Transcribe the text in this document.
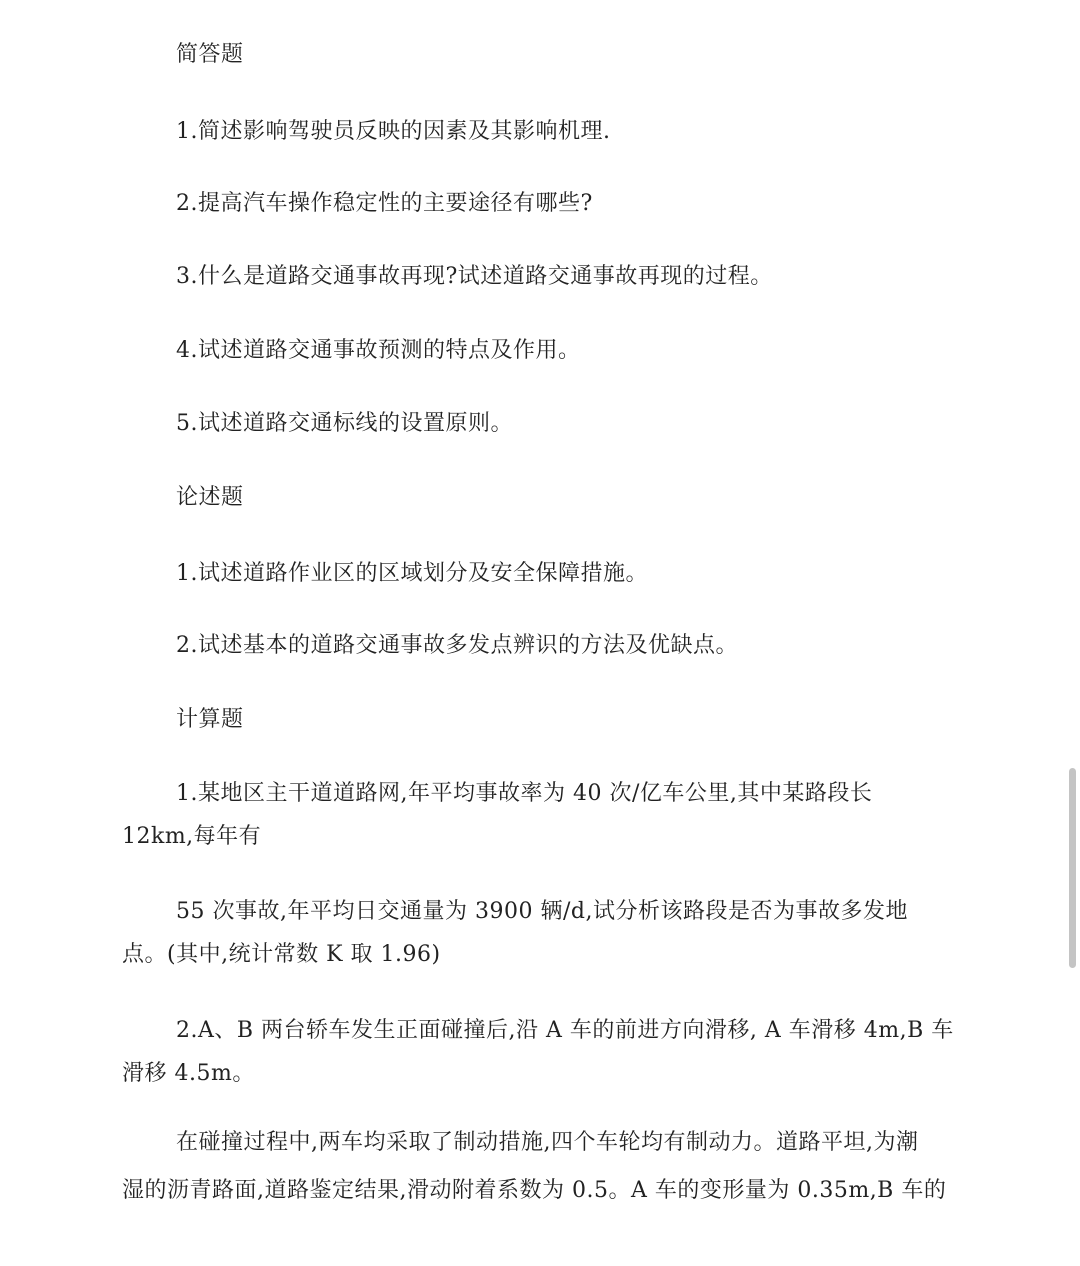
简答题
1.简述影响驾驶员反映的因素及其影响机理.
2.提高汽车操作稳定性的主要途径有哪些?
3.什么是道路交通事故再现?试述道路交通事故再现的过程。
4.试述道路交通事故预测的特点及作用。
5.试述道路交通标线的设置原则。
论述题
1.试述道路作业区的区域划分及安全保障措施。
2.试述基本的道路交通事故多发点辨识的方法及优缺点。
计算题
1.某地区主干道道路网,年平均事故率为 40 次/亿车公里,其中某路段长
12km,每年有
55 次事故,年平均日交通量为 3900 辆/d,试分析该路段是否为事故多发地
点。(其中,统计常数 K 取 1.96)
2.A、B 两台轿车发生正面碰撞后,沿 A 车的前进方向滑移, A 车滑移 4m,B 车
滑移 4.5m。
在碰撞过程中,两车均采取了制动措施,四个车轮均有制动力。道路平坦,为潮
湿的沥青路面,道路鉴定结果,滑动附着系数为 0.5。A 车的变形量为 0.35m,B 车的
